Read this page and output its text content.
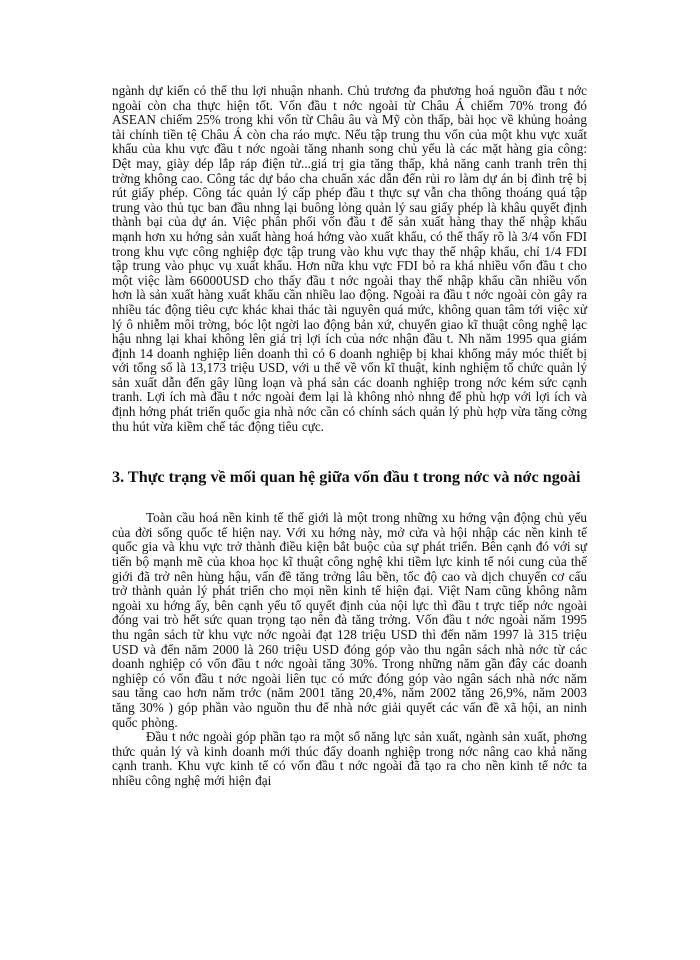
ngành dự kiến có thể thu lợi nhuận nhanh. Chủ trương đa phương hoá nguồn đầu t nớc ngoài còn cha thực hiện tốt. Vốn đầu t nớc ngoài từ Châu Á chiếm 70% trong đó ASEAN chiếm 25% trong khi vốn từ Châu âu và Mỹ còn thấp, bài học về khủng hoảng tài chính tiền tệ Châu Á còn cha ráo mực. Nếu tập trung thu vốn của một khu vực xuất khẩu của khu vực đầu t nớc ngoài tăng nhanh song chủ yếu là các mặt hàng gia công: Dệt may, giày dép lắp ráp điện tử...giá trị gia tăng thấp, khả năng canh tranh trên thị trờng không cao. Công tác dự báo cha chuẩn xác dẫn đến rủi ro làm dự án bị đình trệ bị rút giấy phép. Công tác quản lý cấp phép đầu t thực sự vẫn cha thông thoáng quá tập trung vào thủ tục ban đầu nhng lại buông lỏng quản lý sau giấy phép là khâu quyết định thành bại của dự án. Việc phân phối vốn đầu t để sản xuất hàng thay thế nhập khẩu mạnh hơn xu hớng sản xuất hàng hoá hớng vào xuất khẩu, có thể thấy rõ là 3/4 vốn FDI trong khu vực công nghiệp đợc tập trung vào khu vực thay thế nhập khẩu, chỉ 1/4 FDI tập trung vào phục vụ xuất khẩu. Hơn nữa khu vực FDI bỏ ra khá nhiều vốn đầu t cho một việc làm 66000USD cho thấy đầu t nớc ngoài thay thế nhập khẩu cần nhiều vốn hơn là sản xuất hàng xuất khẩu cần nhiều lao động. Ngoài ra đầu t nớc ngoài còn gây ra nhiều tác động tiêu cực khác khai thác tài nguyên quá mức, không quan tâm tới việc xử lý ô nhiễm môi trờng, bóc lột ngời lao động bản xứ, chuyển giao kĩ thuật công nghệ lạc hậu nhng lại khai không lên giá trị lợi ích của nớc nhận đầu t. Nh năm 1995 qua giám định 14 doanh nghiệp liên doanh thì có 6 doanh nghiệp bị khai khống máy móc thiết bị với tổng số là 13,173 triệu USD, với u thế về vốn kĩ thuật, kinh nghiệm tổ chức quản lý sản xuất dẫn đến gây lũng loạn và phá sản các doanh nghiệp trong nớc kém sức cạnh tranh. Lợi ích mà đầu t nớc ngoài đem lại là không nhỏ nhng để phù hợp với lợi ích và định hớng phát triển quốc gia nhà nớc cần có chính sách quản lý phù hợp vừa tăng cờng thu hút vừa kiềm chế tác động tiêu cực.

3. Thực trạng về mối quan hệ giữa vốn đầu t trong nớc và nớc ngoài

Toàn cầu hoá nền kinh tế thế giới là một trong những xu hớng vận động chủ yếu của đời sống quốc tế hiện nay. Với xu hớng này, mở cửa và hội nhập các nền kinh tế quốc gia và khu vực trở thành điều kiện bắt buộc của sự phát triển. Bên cạnh đó với sự tiến bộ mạnh mẽ của khoa học kĩ thuật công nghệ khi tiềm lực kinh tế nói cung của thế giới đã trở nên hùng hậu, vấn đề tăng trởng lâu bền, tốc độ cao và dịch chuyển cơ cấu trở thành quản lý phát triển cho mọi nền kinh tế hiện đại. Việt Nam cũng không nằm ngoài xu hớng ấy, bên cạnh yếu tố quyết định của nội lực thì đầu t trực tiếp nớc ngoài đóng vai trò hết sức quan trọng tạo nên đà tăng trởng. Vốn đầu t nớc ngoài năm 1995 thu ngân sách từ khu vực nớc ngoài đạt 128 triệu USD thì đến năm 1997 là 315 triệu USD và đến năm 2000 là 260 triệu USD đóng góp vào thu ngân sách nhà nớc từ các doanh nghiệp có vốn đầu t nớc ngoài tăng 30%. Trong những năm gần đây các doanh nghiệp có vốn đầu t nớc ngoài liên tục có mức đóng góp vào ngân sách nhà nớc năm sau tăng cao hơn năm trớc (năm 2001 tăng 20,4%, năm 2002 tăng 26,9%, năm 2003 tăng 30% ) góp phần vào nguồn thu để nhà nớc giải quyết các vấn đề xã hội, an ninh quốc phòng.

Đầu t nớc ngoài góp phần tạo ra một số năng lực sản xuất, ngành sản xuất, phơng thức quản lý và kinh doanh mới thúc đẩy doanh nghiệp trong nớc nâng cao khả năng cạnh tranh. Khu vực kinh tế có vốn đầu t nớc ngoài đã tạo ra cho nền kinh tế nớc ta nhiều công nghệ mới hiện đại
